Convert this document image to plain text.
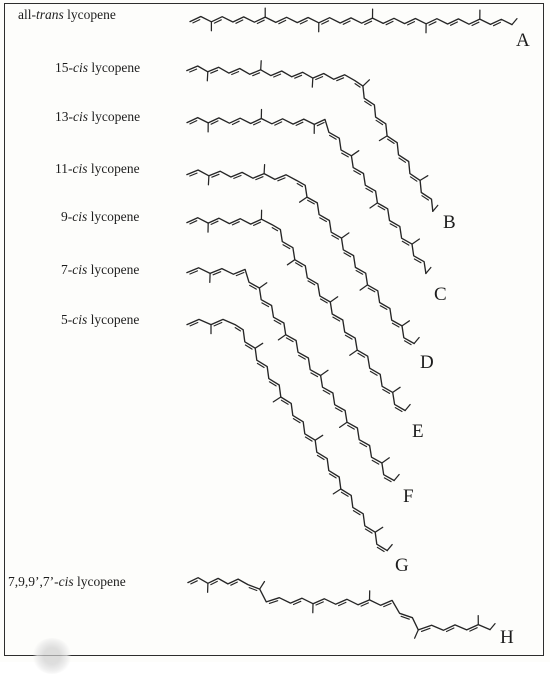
all-trans lycopene
15-cis lycopene
13-cis lycopene
11-cis lycopene
9-cis lycopene
7-cis lycopene
5-cis lycopene
7,9,9’,7’-cis lycopene
A
B
C
D
E
F
G
H
